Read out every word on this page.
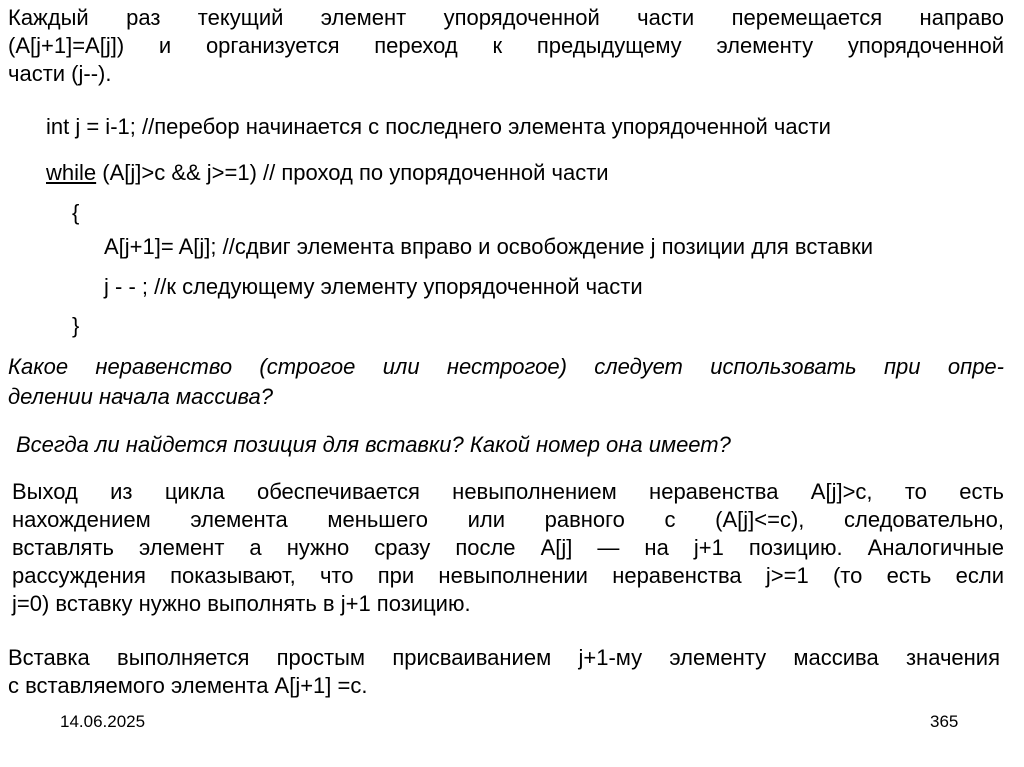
Каждый раз текущий элемент упорядоченной части перемещается направо
(A[j+1]=A[j]) и организуется переход к предыдущему элементу упорядоченной
части (j--).
int j = i-1; //перебор начинается с последнего элемента упорядоченной части
while (A[j]>c && j>=1) // проход по упорядоченной части
{
A[j+1]= A[j]; //сдвиг элемента вправо и освобождение j позиции для вставки
j - - ; //к следующему элементу упорядоченной части
}
Какое неравенство (строгое или нестрогое) следует использовать при опре-
делении начала массива?
Всегда ли найдется позиция для вставки? Какой номер она имеет?
Выход из цикла обеспечивается невыполнением неравенства A[j]>c, то есть
нахождением элемента меньшего или равного c (A[j]<=c), следовательно,
вставлять элемент a нужно сразу после A[j] — на j+1 позицию. Аналогичные
рассуждения показывают, что при невыполнении неравенства j>=1 (то есть если
j=0) вставку нужно выполнять в j+1 позицию.
Вставка выполняется простым присваиванием j+1-му элементу массива значения
c вставляемого элемента A[j+1] =c.
14.06.2025	365
